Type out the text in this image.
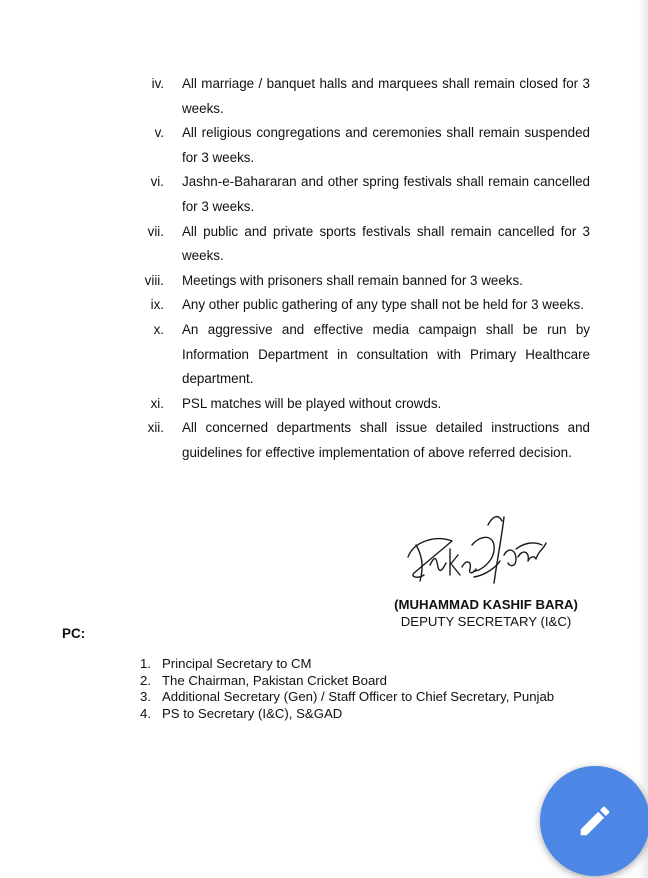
iv.	All marriage / banquet halls and marquees shall remain closed for 3 weeks.
v.	All religious congregations and ceremonies shall remain suspended for 3 weeks.
vi.	Jashn-e-Bahararan and other spring festivals shall remain cancelled for 3 weeks.
vii.	All public and private sports festivals shall remain cancelled for 3 weeks.
viii.	Meetings with prisoners shall remain banned for 3 weeks.
ix.	Any other public gathering of any type shall not be held for 3 weeks.
x.	An aggressive and effective media campaign shall be run by Information Department in consultation with Primary Healthcare department.
xi.	PSL matches will be played without crowds.
xii.	All concerned departments shall issue detailed instructions and guidelines for effective implementation of above referred decision.
(MUHAMMAD KASHIF BARA)
DEPUTY SECRETARY (I&C)
PC:
1. Principal Secretary to CM
2. The Chairman, Pakistan Cricket Board
3. Additional Secretary (Gen) / Staff Officer to Chief Secretary, Punjab
4. PS to Secretary (I&C), S&GAD
